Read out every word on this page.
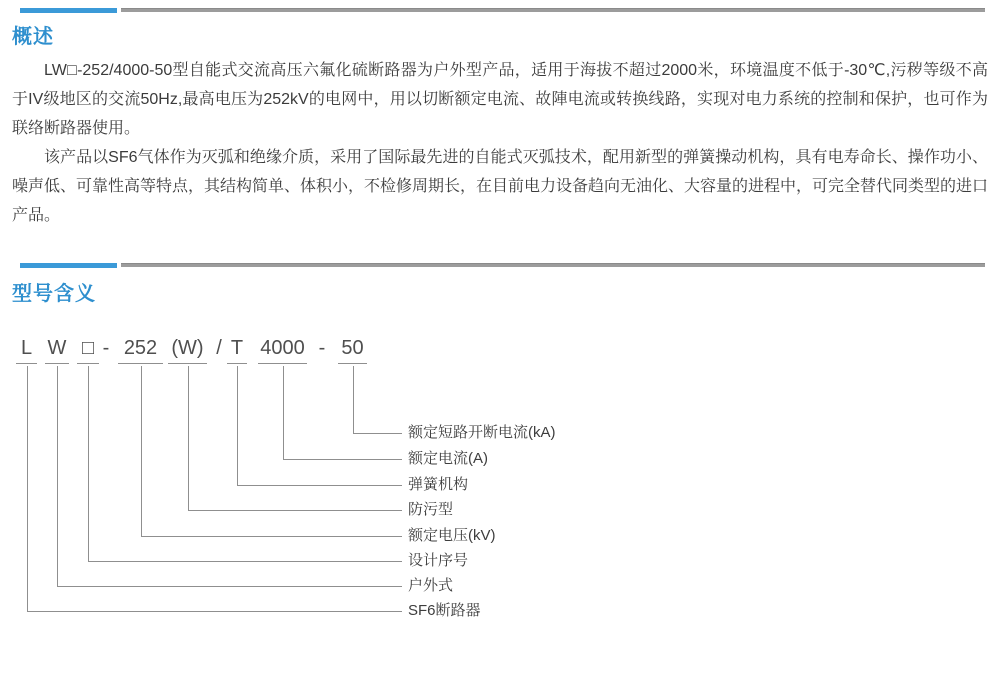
概述

LW□-252/4000-50型自能式交流高压六氟化硫断路器为户外型产品，适用于海拔不超过2000米，环境温度不低于-30℃,污秽等级不高于IV级地区的交流50Hz,最高电压为252kV的电网中，用以切断额定电流、故陣电流或转换线路，实现对电力系统的控制和保护，也可作为联络断路器使用。

该产品以SF6气体作为灭弧和绝缘介质，采用了国际最先进的自能式灭弧技术，配用新型的弹簧操动机构，具有电寿命长、操作功小、噪声低、可靠性高等特点，其结构简单、体积小，不检修周期长，在目前电力设备趋向无油化、大容量的进程中，可完全替代同类型的进口产品。

型号含义
L W □ - 252 (W) / T 4000 - 50
额定短路开断电流(kA)
额定电流(A)
弹簧机构
防污型
额定电压(kV)
设计序号
户外式
SF6断路器
